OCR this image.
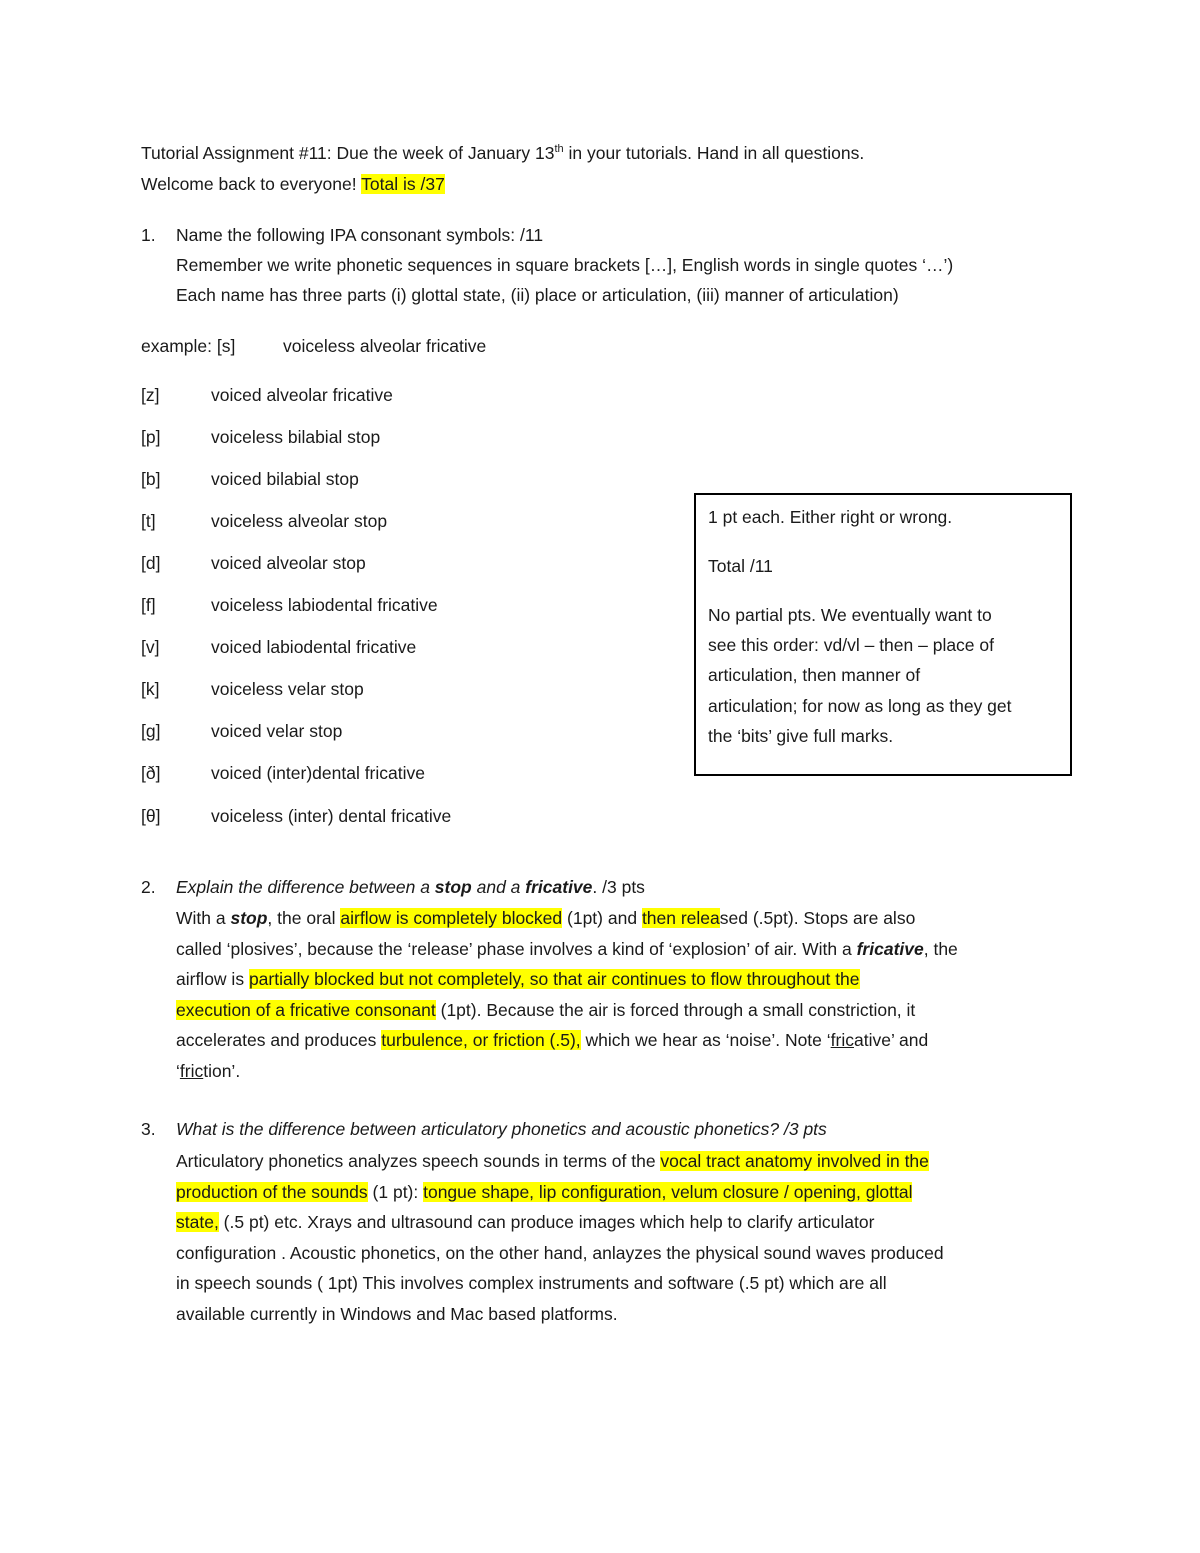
Tutorial Assignment #11: Due the week of January 13th in your tutorials. Hand in all questions.
Welcome back to everyone! Total is /37
1. Name the following IPA consonant symbols: /11
Remember we write phonetic sequences in square brackets […], English words in single quotes ‘…’)
Each name has three parts (i) glottal state, (ii) place or articulation, (iii) manner of articulation)
example: [s]	voiceless alveolar fricative
[z]	voiced alveolar fricative
[p]	voiceless bilabial stop
[b]	voiced bilabial stop
[t]	voiceless alveolar stop
[d]	voiced alveolar stop
[f]	voiceless labiodental fricative
[v]	voiced labiodental fricative
[k]	voiceless velar stop
[g]	voiced velar stop
[ð]	voiced (inter)dental fricative
[θ]	voiceless (inter) dental fricative
1 pt each. Either right or wrong.
Total /11
No partial pts. We eventually want to
see this order: vd/vl – then – place of
articulation, then manner of
articulation; for now as long as they get
the ‘bits’ give full marks.
2. Explain the difference between a stop and a fricative. /3 pts
With a stop, the oral airflow is completely blocked (1pt) and then released (.5pt). Stops are also
called ‘plosives’, because the ‘release’ phase involves a kind of ‘explosion’ of air. With a fricative, the
airflow is partially blocked but not completely, so that air continues to flow throughout the
execution of a fricative consonant (1pt). Because the air is forced through a small constriction, it
accelerates and produces turbulence, or friction (.5), which we hear as ‘noise’. Note ‘fricative’ and
‘friction’.
3. What is the difference between articulatory phonetics and acoustic phonetics? /3 pts
Articulatory phonetics analyzes speech sounds in terms of the vocal tract anatomy involved in the
production of the sounds (1 pt): tongue shape, lip configuration, velum closure / opening, glottal
state, (.5 pt) etc. Xrays and ultrasound can produce images which help to clarify articulator
configuration . Acoustic phonetics, on the other hand, anlayzes the physical sound waves produced
in speech sounds ( 1pt) This involves complex instruments and software (.5 pt) which are all
available currently in Windows and Mac based platforms.
